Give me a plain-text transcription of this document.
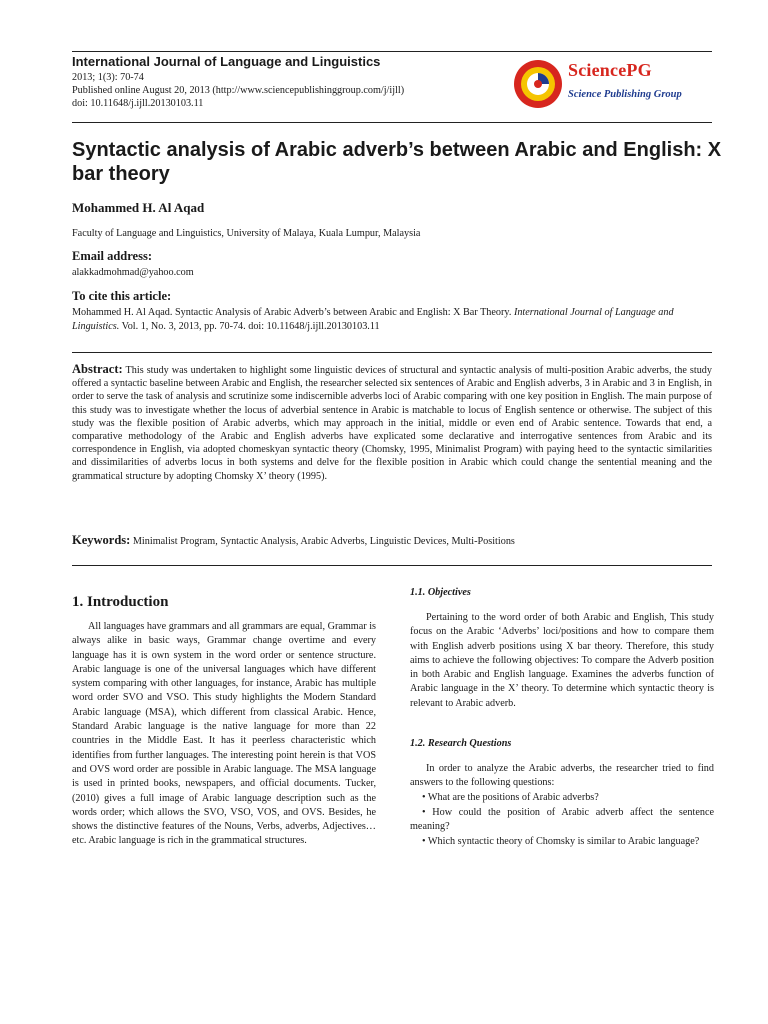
International Journal of Language and Linguistics
2013; 1(3): 70-74
Published online August 20, 2013 (http://www.sciencepublishinggroup.com/j/ijll)
doi: 10.11648/j.ijll.20130103.11
SciencePG
Science Publishing Group
Syntactic analysis of Arabic adverb’s between Arabic and English: X bar theory
Mohammed H. Al Aqad
Faculty of Language and Linguistics, University of Malaya, Kuala Lumpur, Malaysia
Email address:
alakkadmohmad@yahoo.com
To cite this article:
Mohammed H. Al Aqad. Syntactic Analysis of Arabic Adverb’s between Arabic and English: X Bar Theory. International Journal of Language and Linguistics. Vol. 1, No. 3, 2013, pp. 70-74. doi: 10.11648/j.ijll.20130103.11
Abstract: This study was undertaken to highlight some linguistic devices of structural and syntactic analysis of multi-position Arabic adverbs, the study offered a syntactic baseline between Arabic and English, the researcher selected six sentences of Arabic and English adverbs, 3 in Arabic and 3 in English, in order to serve the task of analysis and scrutinize some indiscernible adverbs loci of Arabic comparing with one key position in English. The main purpose of this study was to investigate whether the locus of adverbial sentence in Arabic is matchable to locus of English sentence or otherwise. The subject of this study was the flexible position of Arabic adverbs, which may approach in the initial, middle or even end of Arabic sentence. Towards that end, a comparative methodology of the Arabic and English adverbs have explicated some declarative and interrogative sentences from Arabic and its correspondence in English, via adopted chomeskyan syntactic theory (Chomsky, 1995, Minimalist Program) with paying heed to the syntactic similarities and dissimilarities of adverbs locus in both systems and delve for the flexible position in Arabic which could change the sentential meaning and the grammatical structure by adopting Chomsky X’ theory (1995).
Keywords: Minimalist Program, Syntactic Analysis, Arabic Adverbs, Linguistic Devices, Multi-Positions
1. Introduction
All languages have grammars and all grammars are equal, Grammar is always alike in basic ways, Grammar change overtime and every language has it is own system in the word order or sentence structure. Arabic language is one of the universal languages which have different system comparing with other languages, for instance, Arabic has multiple word order SVO and VSO. This study highlights the Modern Standard Arabic language (MSA), which different from classical Arabic. Hence, Standard Arabic language is the native language for more than 22 countries in the Middle East. It has it peerless characteristic which identifies from further languages. The interesting point herein is that VOS and OVS word order are possible in Arabic language. The MSA language is used in printed books, newspapers, and official documents. Tucker, (2010) gives a full image of Arabic language description such as the words order; which allows the SVO, VSO, VOS, and OVS. Besides, he shows the distinctive features of the Nouns, Verbs, adverbs, Adjectives…etc. Arabic language is rich in the grammatical structures.
1.1. Objectives
Pertaining to the word order of both Arabic and English, This study focus on the Arabic ‘Adverbs’ loci/positions and how to compare them with English adverb positions using X bar theory. Therefore, this study aims to achieve the following objectives: To compare the Adverb position in both Arabic and English language. Examines the adverbs function of Arabic language in the X’ theory. To determine which syntactic theory is relevant to Arabic adverb.
1.2. Research Questions
In order to analyze the Arabic adverbs, the researcher tried to find answers to the following questions:
• What are the positions of Arabic adverbs?
• How could the position of Arabic adverb affect the sentence meaning?
• Which syntactic theory of Chomsky is similar to Arabic language?
